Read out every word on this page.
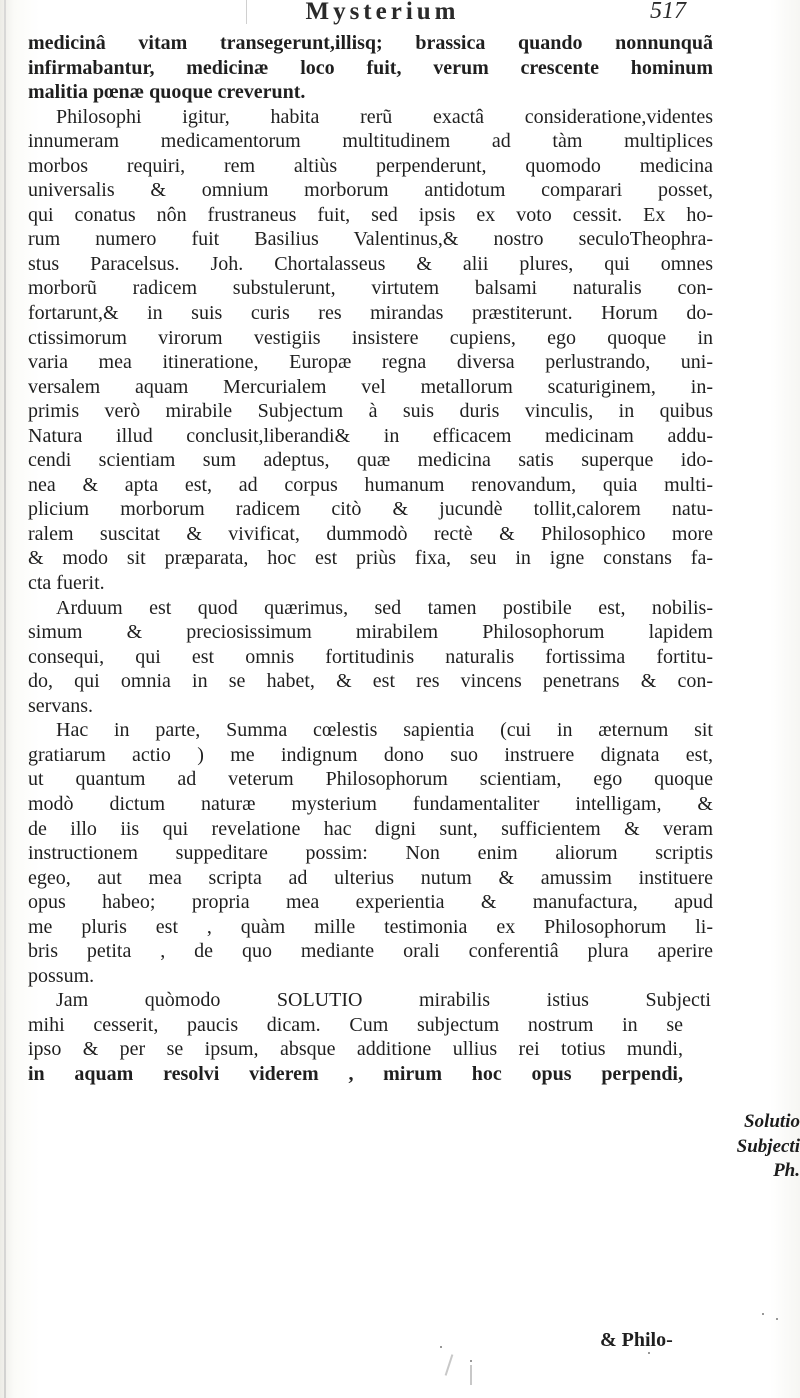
Mysterium	517
medicinâ vitam transegerunt,illisq; brassica quando nonnunquã
infirmabantur, medicinæ loco fuit, verum crescente hominum
malitia pœnæ quoque creverunt.
Philosophi igitur, habita rerũ exactâ consideratione,videntes
innumeram medicamentorum multitudinem ad tàm multiplices
morbos requiri, rem altiùs perpenderunt, quomodo medicina
universalis & omnium morborum antidotum comparari posset,
qui conatus nôn frustraneus fuit, sed ipsis ex voto cessit. Ex ho-
rum numero fuit Basilius Valentinus,& nostro seculoTheophra-
stus Paracelsus. Joh. Chortalasseus & alii plures, qui omnes
morborũ radicem substulerunt, virtutem balsami naturalis con-
fortarunt,& in suis curis res mirandas præstiterunt. Horum do-
ctissimorum virorum vestigiis insistere cupiens, ego quoque in
varia mea itineratione, Europæ regna diversa perlustrando, uni-
versalem aquam Mercurialem vel metallorum scaturiginem, in-
primis verò mirabile Subjectum à suis duris vinculis, in quibus
Natura illud conclusit,liberandi& in efficacem medicinam addu-
cendi scientiam sum adeptus, quæ medicina satis superque ido-
nea & apta est, ad corpus humanum renovandum, quia multi-
plicium morborum radicem citò & jucundè tollit,calorem natu-
ralem suscitat & vivificat, dummodò rectè & Philosophico more
& modo sit præparata, hoc est priùs fixa, seu in igne constans fa-
cta fuerit.
Arduum est quod quærimus, sed tamen postibile est, nobilis-
simum & preciosissimum mirabilem Philosophorum lapidem
consequi, qui est omnis fortitudinis naturalis fortissima fortitu-
do, qui omnia in se habet, & est res vincens penetrans & con-
servans.
Hac in parte, Summa cœlestis sapientia (cui in æternum sit
gratiarum actio ) me indignum dono suo instruere dignata est,
ut quantum ad veterum Philosophorum scientiam, ego quoque
modò dictum naturæ mysterium fundamentaliter intelligam, &
de illo iis qui revelatione hac digni sunt, sufficientem & veram
instructionem suppeditare possim: Non enim aliorum scriptis
egeo, aut mea scripta ad ulterius nutum & amussim instituere
opus habeo; propria mea experientia & manufactura, apud
me pluris est , quàm mille testimonia ex Philosophorum li-
bris petita , de quo mediante orali conferentiâ plura aperire
possum.
Jam quòmodo SOLUTIO mirabilis istius Subjecti
mihi cesserit, paucis dicam. Cum subjectum nostrum in se
ipso & per se ipsum, absque additione ullius rei totius mundi,
in aquam resolvi viderem , mirum hoc opus perpendi,
Solutio
Subjecti
Ph.
& Philo-
